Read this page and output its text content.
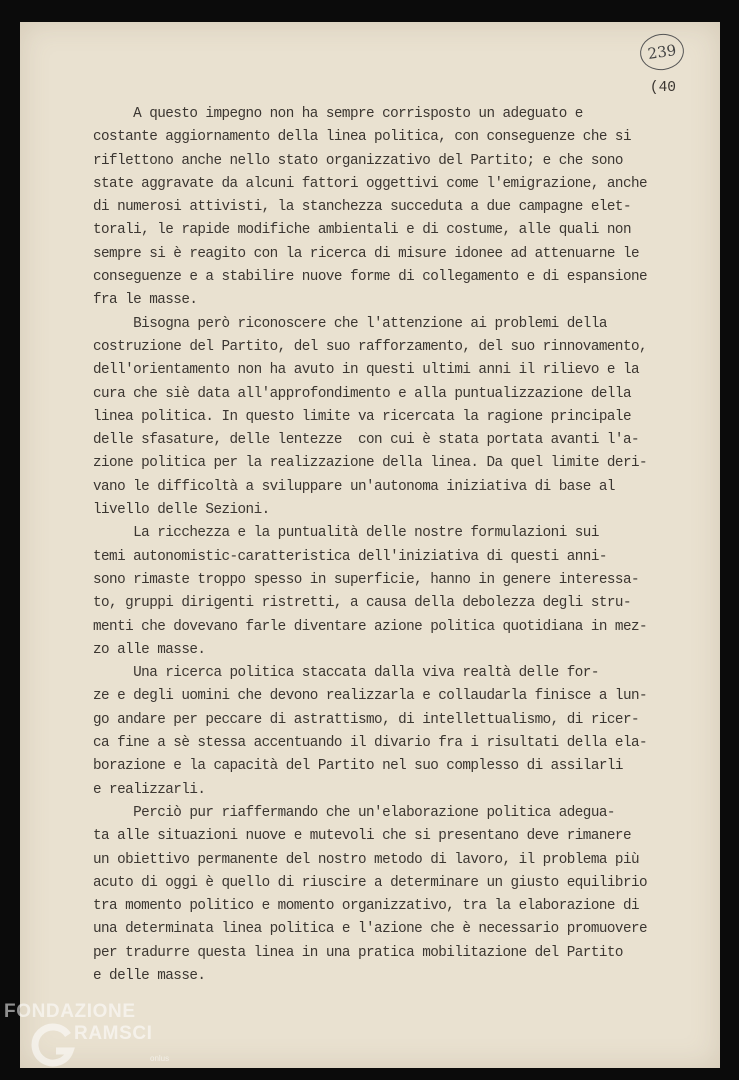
239
(40
A questo impegno non ha sempre corrisposto un adeguato e
costante aggiornamento della linea politica, con conseguenze che si
riflettono anche nello stato organizzativo del Partito; e che sono
state aggravate da alcuni fattori oggettivi come l'emigrazione, anche
di numerosi attivisti, la stanchezza succeduta a due campagne elet-
torali, le rapide modifiche ambientali e di costume, alle quali non
sempre si è reagito con la ricerca di misure idonee ad attenuarne le
conseguenze e a stabilire nuove forme di collegamento e di espansione
fra le masse.
Bisogna però riconoscere che l'attenzione ai problemi della
costruzione del Partito, del suo rafforzamento, del suo rinnovamento,
dell'orientamento non ha avuto in questi ultimi anni il rilievo e la
cura che siè data all'approfondimento e alla puntualizzazione della
linea politica. In questo limite va ricercata la ragione principale
delle sfasature, delle lentezze  con cui è stata portata avanti l'a-
zione politica per la realizzazione della linea. Da quel limite deri-
vano le difficoltà a sviluppare un'autonoma iniziativa di base al
livello delle Sezioni.
La ricchezza e la puntualità delle nostre formulazioni sui
temi autonomistic-caratteristica dell'iniziativa di questi anni-
sono rimaste troppo spesso in superficie, hanno in genere interessa-
to, gruppi dirigenti ristretti, a causa della debolezza degli stru-
menti che dovevano farle diventare azione politica quotidiana in mez-
zo alle masse.
Una ricerca politica staccata dalla viva realtà delle for-
ze e degli uomini che devono realizzarla e collaudarla finisce a lun-
go andare per peccare di astrattismo, di intellettualismo, di ricer-
ca fine a sè stessa accentuando il divario fra i risultati della ela-
borazione e la capacità del Partito nel suo complesso di assilarli
e realizzarli.
Perciò pur riaffermando che un'elaborazione politica adegua-
ta alle situazioni nuove e mutevoli che si presentano deve rimanere
un obiettivo permanente del nostro metodo di lavoro, il problema più
acuto di oggi è quello di riuscire a determinare un giusto equilibrio
tra momento politico e momento organizzativo, tra la elaborazione di
una determinata linea politica e l'azione che è necessario promuovere
per tradurre questa linea in una pratica mobilitazione del Partito
e delle masse.
FONDAZIONE
RAMSCI
onlus
